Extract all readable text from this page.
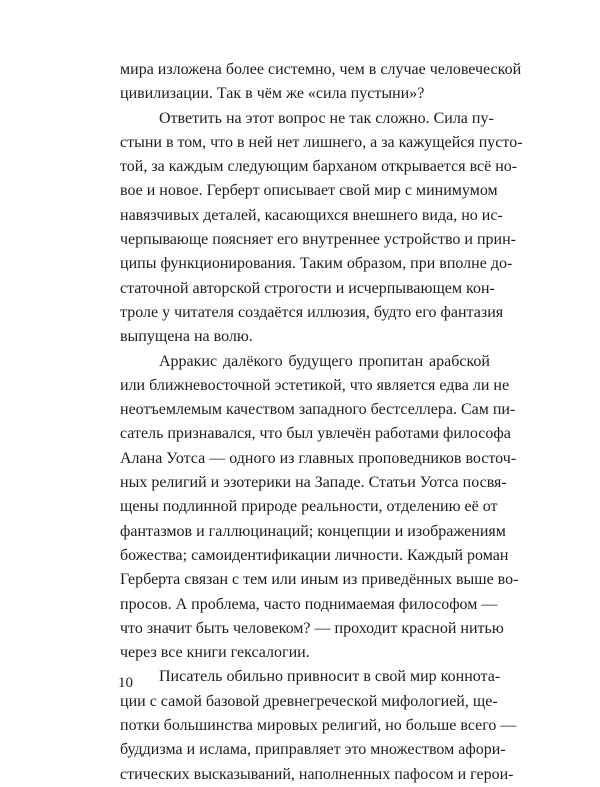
мира изложена более системно, чем в случае человеческой
цивилизации. Так в чём же «сила пустыни»?
Ответить на этот вопрос не так сложно. Сила пу-
стыни в том, что в ней нет лишнего, а за кажущейся пусто-
той, за каждым следующим барханом открывается всё но-
вое и новое. Герберт описывает свой мир с минимумом
навязчивых деталей, касающихся внешнего вида, но ис-
черпывающе поясняет его внутреннее устройство и прин-
ципы функционирования. Таким образом, при вполне до-
статочной авторской строгости и исчерпывающем кон-
троле у читателя создаётся иллюзия, будто его фантазия
выпущена на волю.
Арракис далёкого будущего пропитан арабской
или ближневосточной эстетикой, что является едва ли не
неотъемлемым качеством западного бестселлера. Сам пи-
сатель признавался, что был увлечён работами философа
Алана Уотса — одного из главных проповедников восточ-
ных религий и эзотерики на Западе. Статьи Уотса посвя-
щены подлинной природе реальности, отделению её от
фантазмов и галлюцинаций; концепции и изображениям
божества; самоидентификации личности. Каждый роман
Герберта связан с тем или иным из приведённых выше во-
просов. А проблема, часто поднимаемая философом —
что значит быть человеком? — проходит красной нитью
через все книги гексалогии.
Писатель обильно привносит в свой мир коннота-
ции с самой базовой древнегреческой мифологией, ще-
потки большинства мировых религий, но больше всего —
буддизма и ислама, приправляет это множеством афори-
стических высказываний, наполненных пафосом и герои-
10
